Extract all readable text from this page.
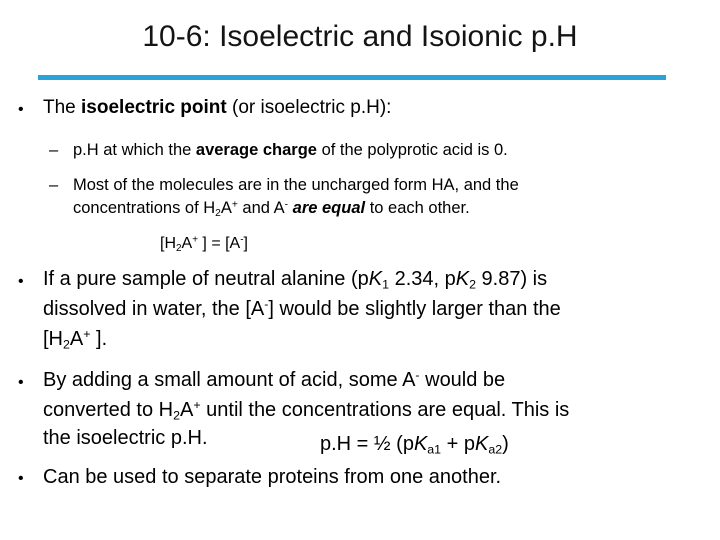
10-6: Isoelectric and Isoionic p.H
• The isoelectric point (or isoelectric p.H):
– p.H at which the average charge of the polyprotic acid is 0.
– Most of the molecules are in the uncharged form HA, and the
concentrations of $H_2A^+$ and A- are equal to each other.
[$H_2A^+$ ] = [A-]
• If a pure sample of neutral alanine ($pK_1$ 2.34, $pK_2$ 9.87) is
dissolved in water, the [A-] would be slightly larger than the
[$H_2A^+$ ].
• By adding a small amount of acid, some A- would be
converted to $H_2A^+$ until the concentrations are equal. This is
the isoelectric p.H.	p.H = ½ $(pK_{a1} + pK_{a2})$
• Can be used to separate proteins from one another.
